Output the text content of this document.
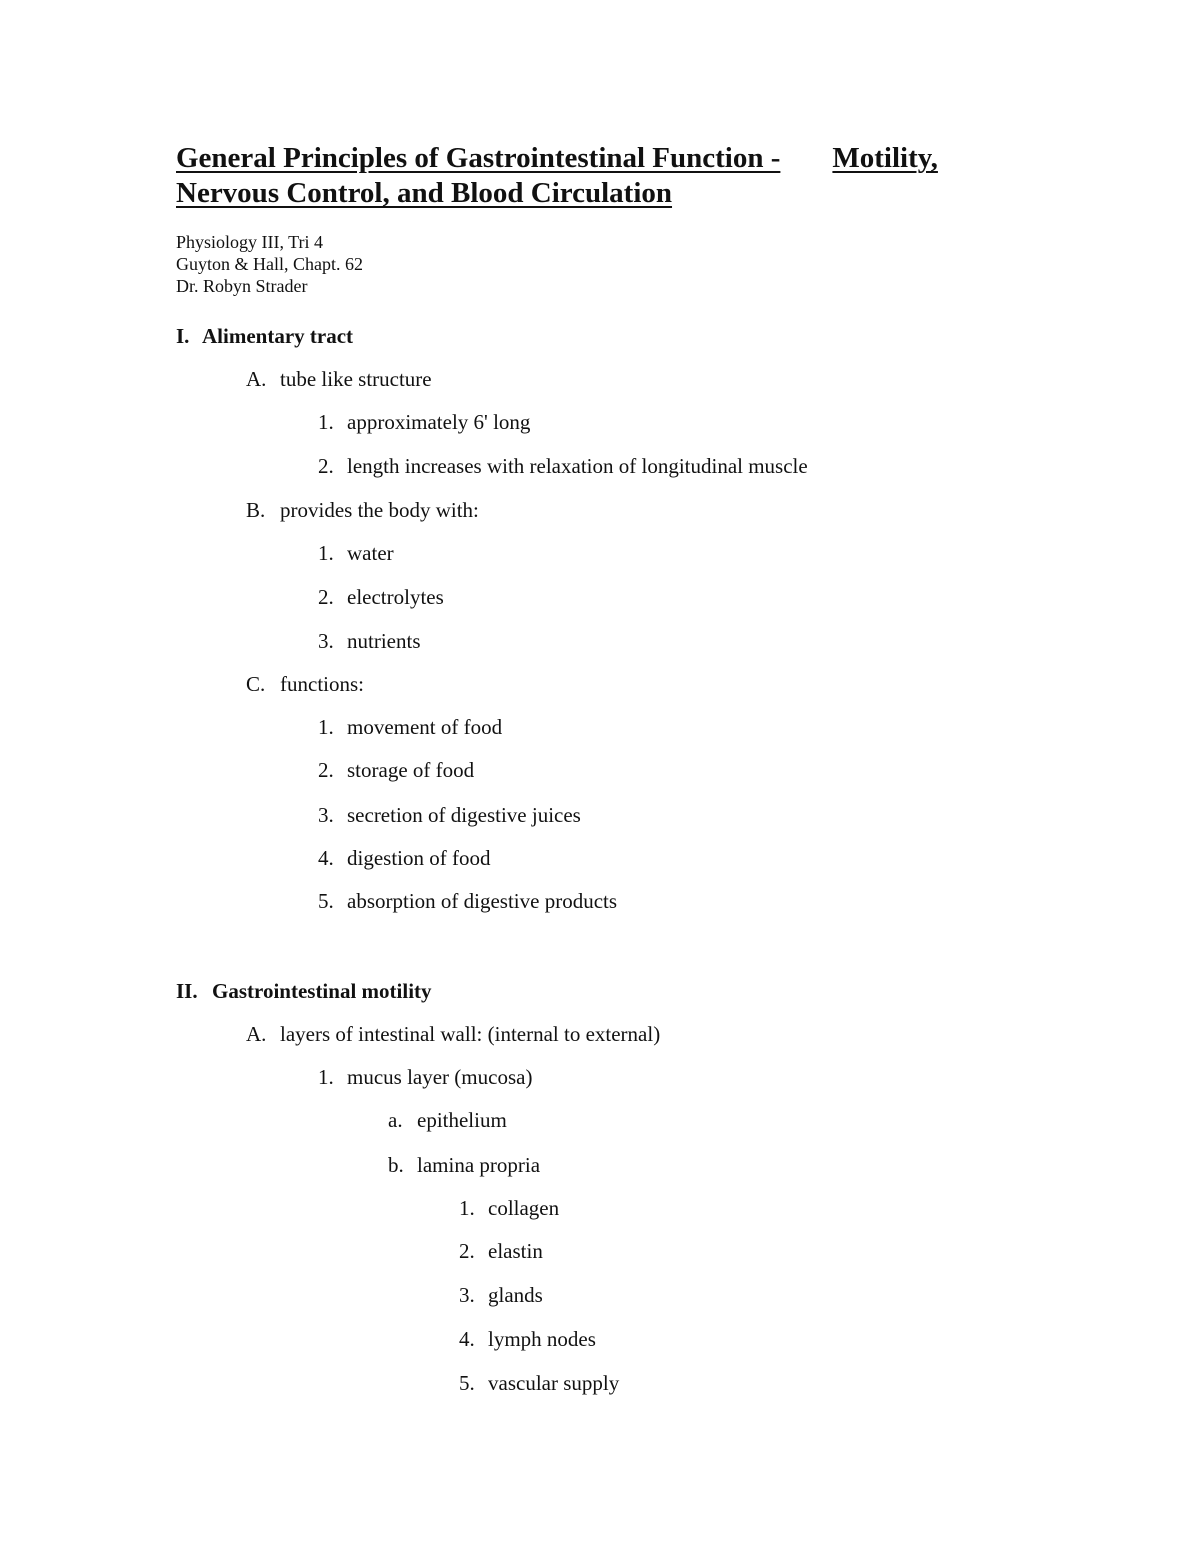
General Principles of Gastrointestinal Function - Motility,
Nervous Control, and Blood Circulation
Physiology III, Tri 4
Guyton & Hall, Chapt. 62
Dr. Robyn Strader
I. Alimentary tract
A. tube like structure
1. approximately 6' long
2. length increases with relaxation of longitudinal muscle
B. provides the body with:
1. water
2. electrolytes
3. nutrients
C. functions:
1. movement of food
2. storage of food
3. secretion of digestive juices
4. digestion of food
5. absorption of digestive products
II. Gastrointestinal motility
A. layers of intestinal wall: (internal to external)
1. mucus layer (mucosa)
a. epithelium
b. lamina propria
1. collagen
2. elastin
3. glands
4. lymph nodes
5. vascular supply
